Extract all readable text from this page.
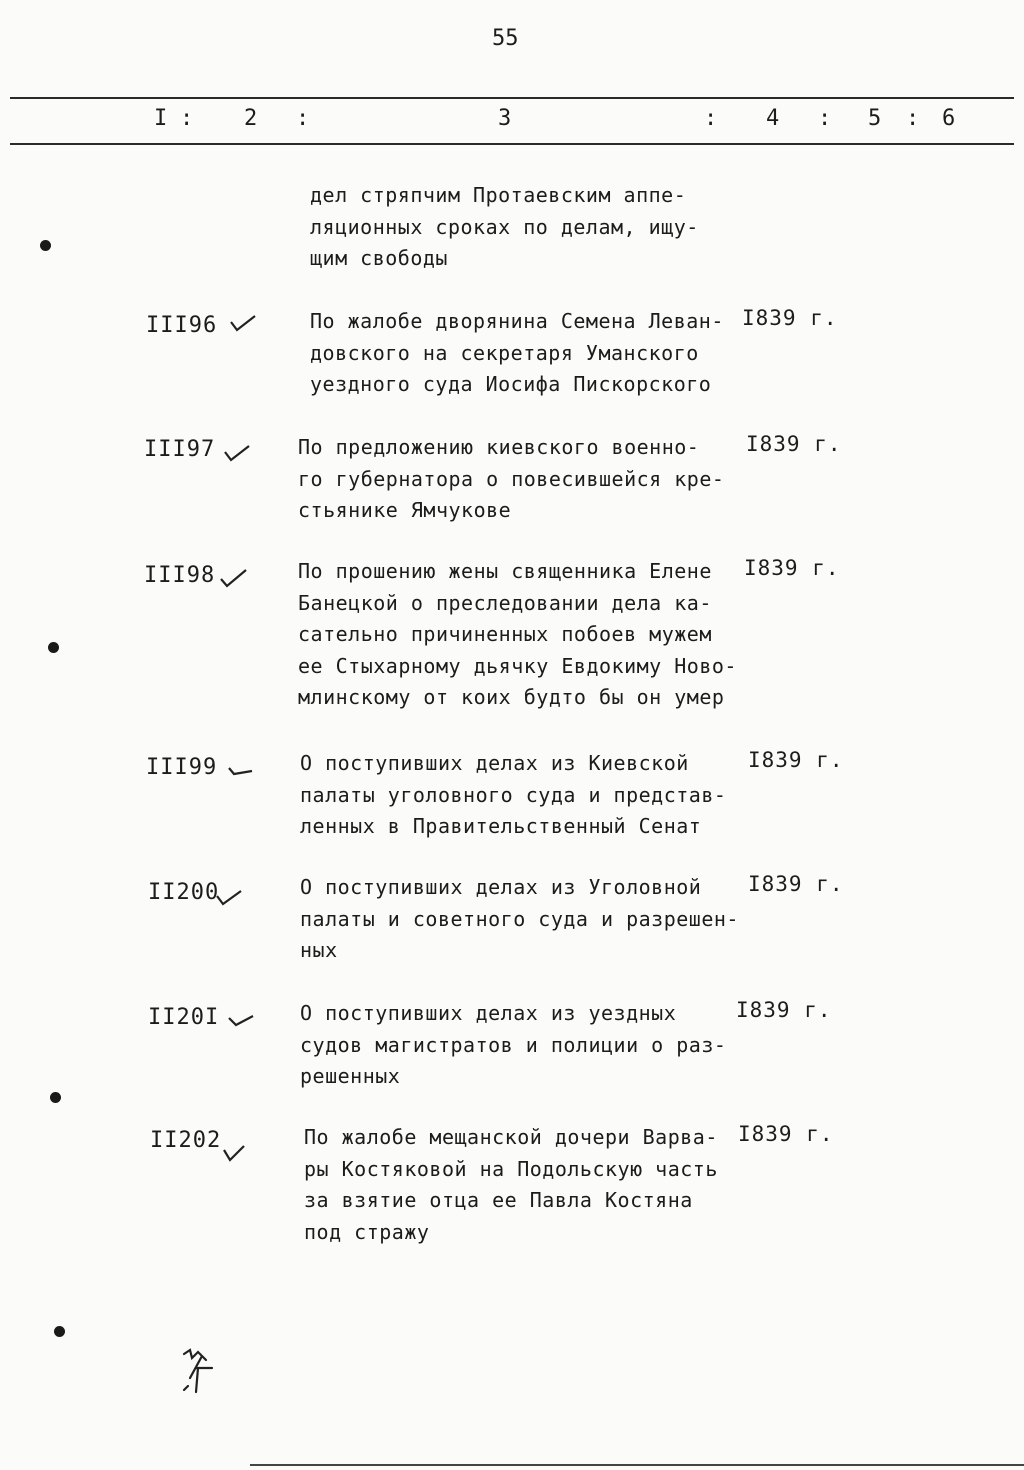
55
I : 2 :	3	: 4 : 5 : 6
дел стряпчим Протаевским аппе-
ляционных сроках по делам, ищу-
щим свободы
III96	По жалобе дворянина Семена Леван-
довского на секретаря Уманского
уездного суда Иосифа Пискорского
I839 г.
III97	По предложению киевского военно-
го губернатора о повесившейся кре-
стьянике Ямчукове
I839 г.
III98	По прошению жены священника Елене
Банецкой о преследовании дела ка-
сательно причиненных побоев мужем
ее Стыхарному дьячку Евдокиму Ново-
млинскому от коих будто бы он умер
I839 г.
III99	О поступивших делах из Киевской
палаты уголовного суда и представ-
ленных в Правительственный Сенат
I839 г.
II200	О поступивших делах из Уголовной
палаты и советного суда и разрешен-
ных
I839 г.
II20I	О поступивших делах из уездных
судов магистратов и полиции о раз-
решенных
I839 г.
II202	По жалобе мещанской дочери Варва-
ры Костяковой на Подольскую часть
за взятие отца ее Павла Костяна
под стражу
I839 г.
